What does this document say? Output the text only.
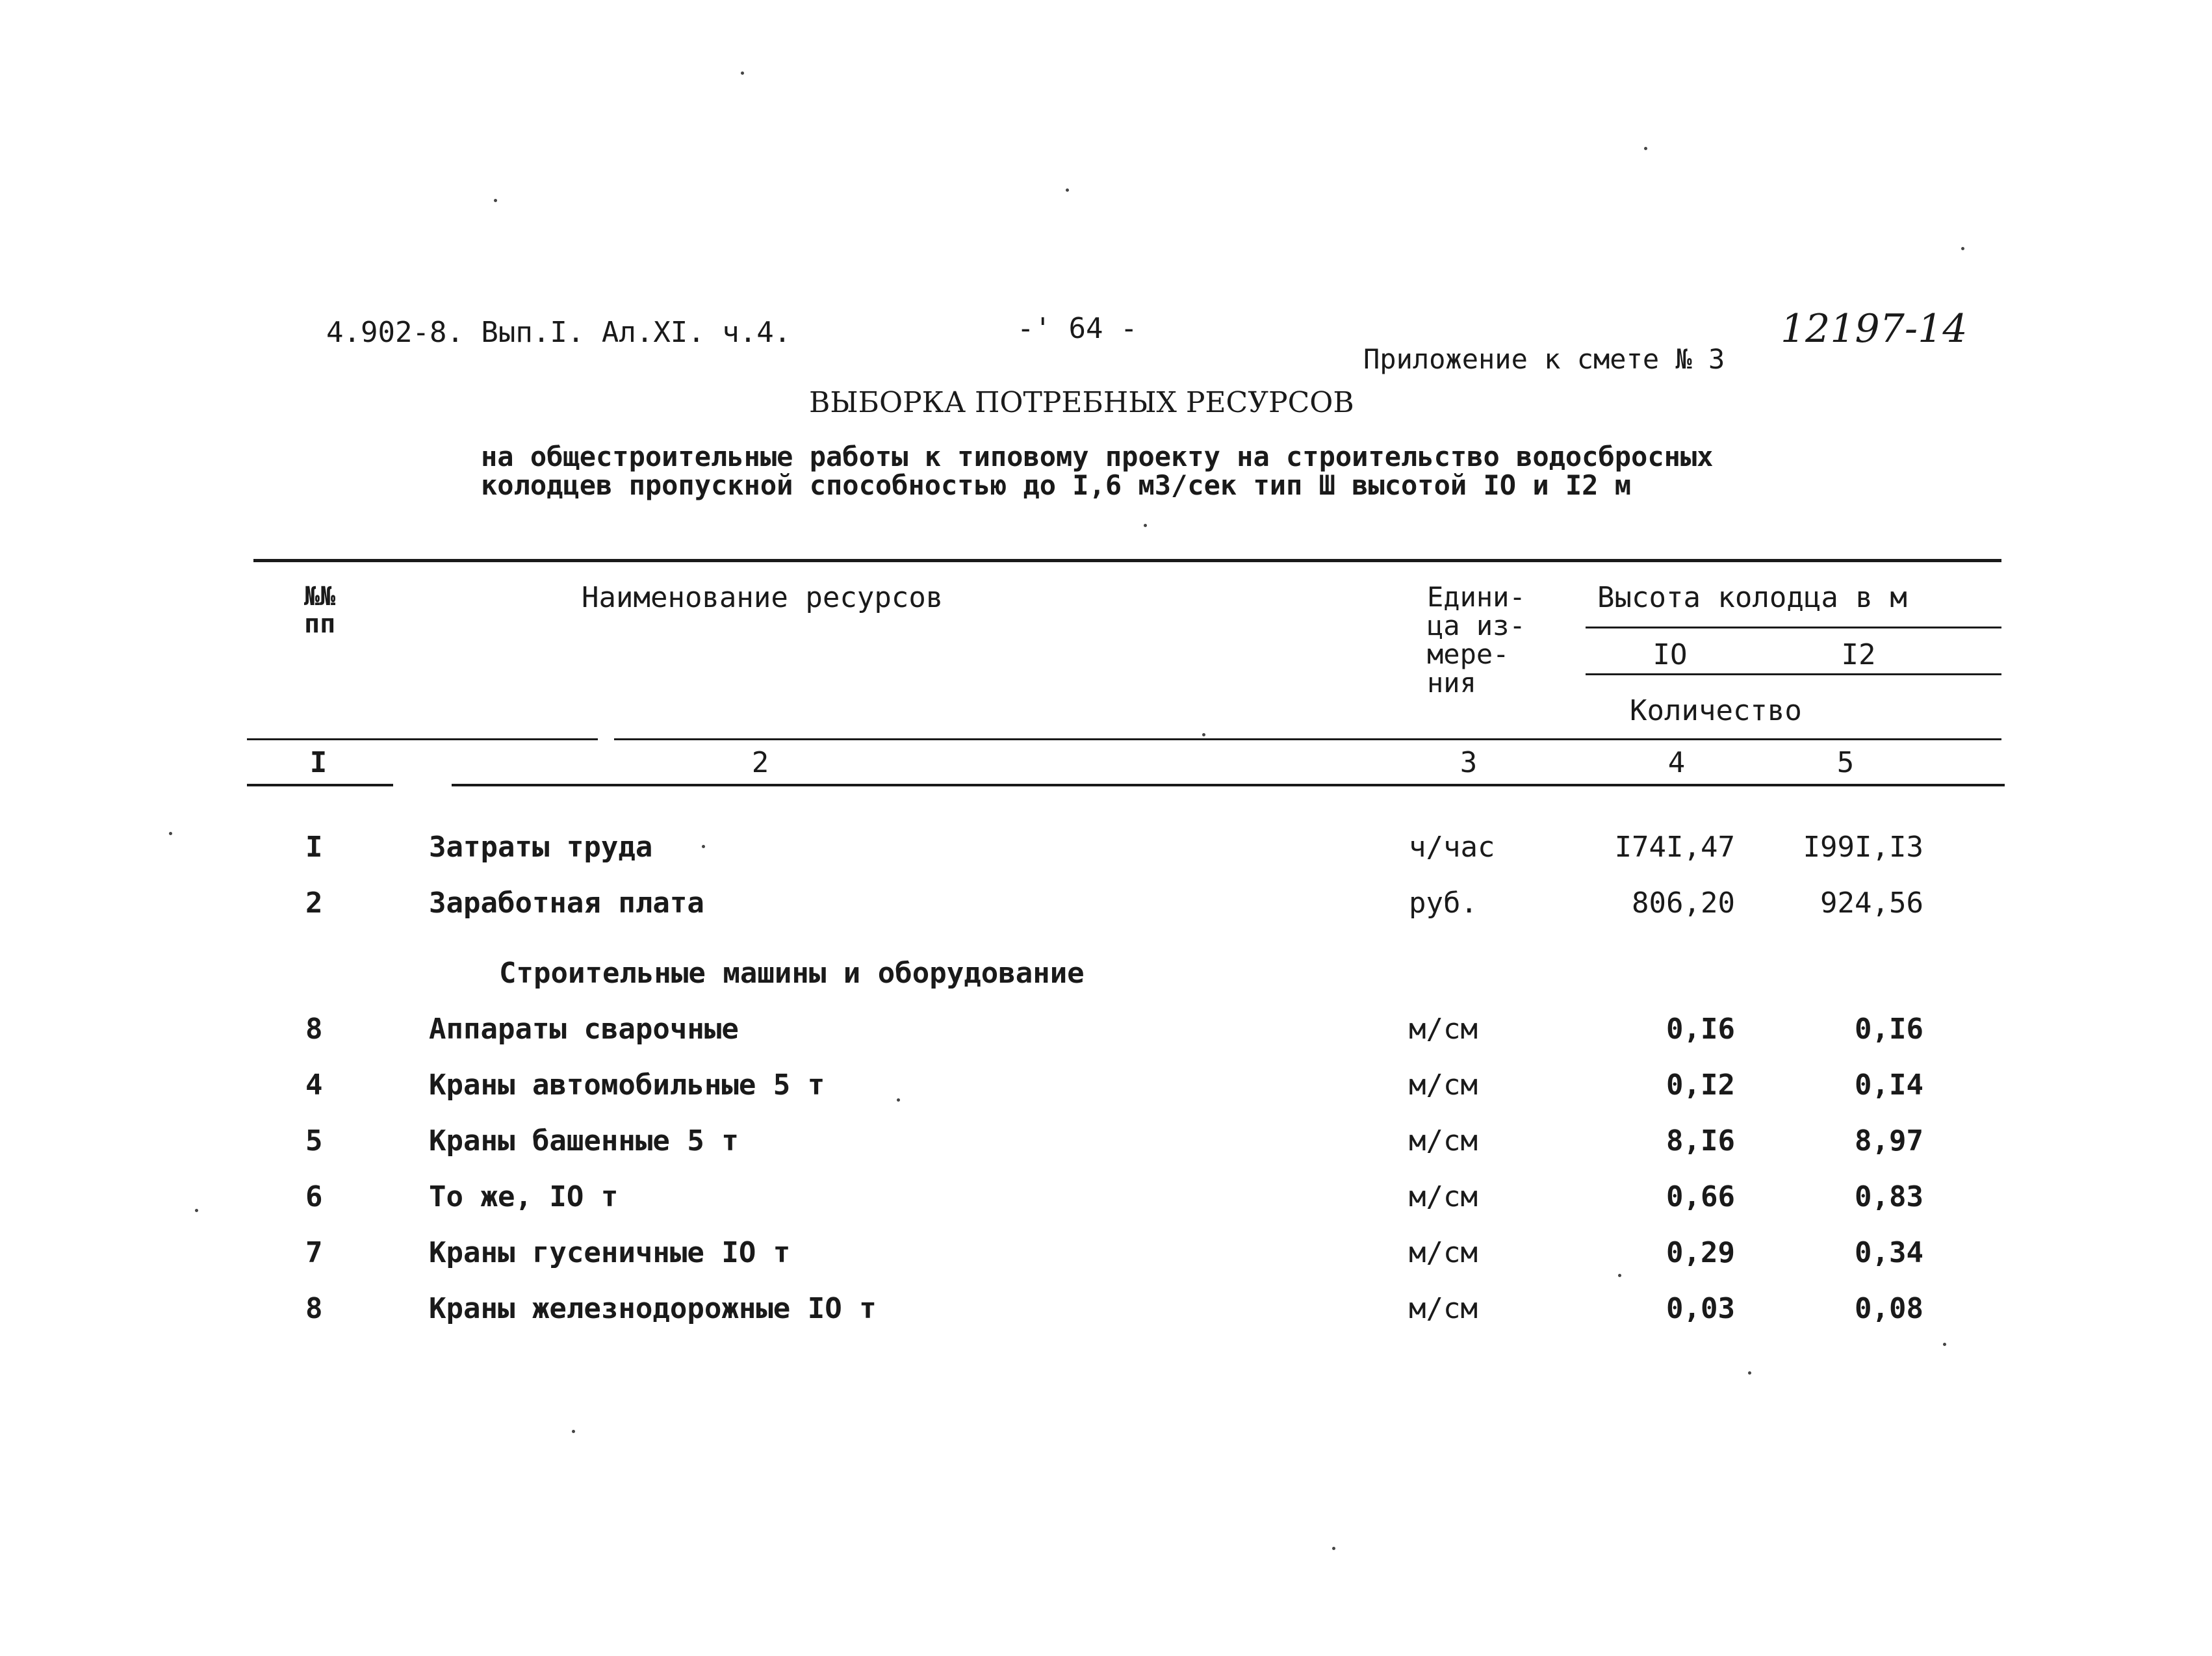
4.902-8. Вып.I. Ал.XI. ч.4.	-' 64 -	12197-14
Приложение к смете № 3
ВЫБОРКА ПОТРЕБНЫХ РЕСУРСОВ
на общестроительные работы к типовому проекту на строительство водосбросных
колодцев пропускной способностью до I,6 м3/сек тип Ш высотой IO и I2 м
№№
пп
Наименование ресурсов	Едини-
ца из-
мере-
ния
Высота колодца в м
IO	I2
Количество
I	2	3	4	5
I	Затраты труда	ч/час	I74I,47	I99I,I3
2	Заработная плата	руб.	806,20	924,56
Строительные машины и оборудование
8	Аппараты сварочные	м/см	0,I6	0,I6
4	Краны автомобильные 5 т	м/см	0,I2	0,I4
5	Краны башенные 5 т	м/см	8,I6	8,97
6	То же, IO т	м/см	0,66	0,83
7	Краны гусеничные IO т	м/см	0,29	0,34
8	Краны железнодорожные IO т	м/см	0,03	0,08
